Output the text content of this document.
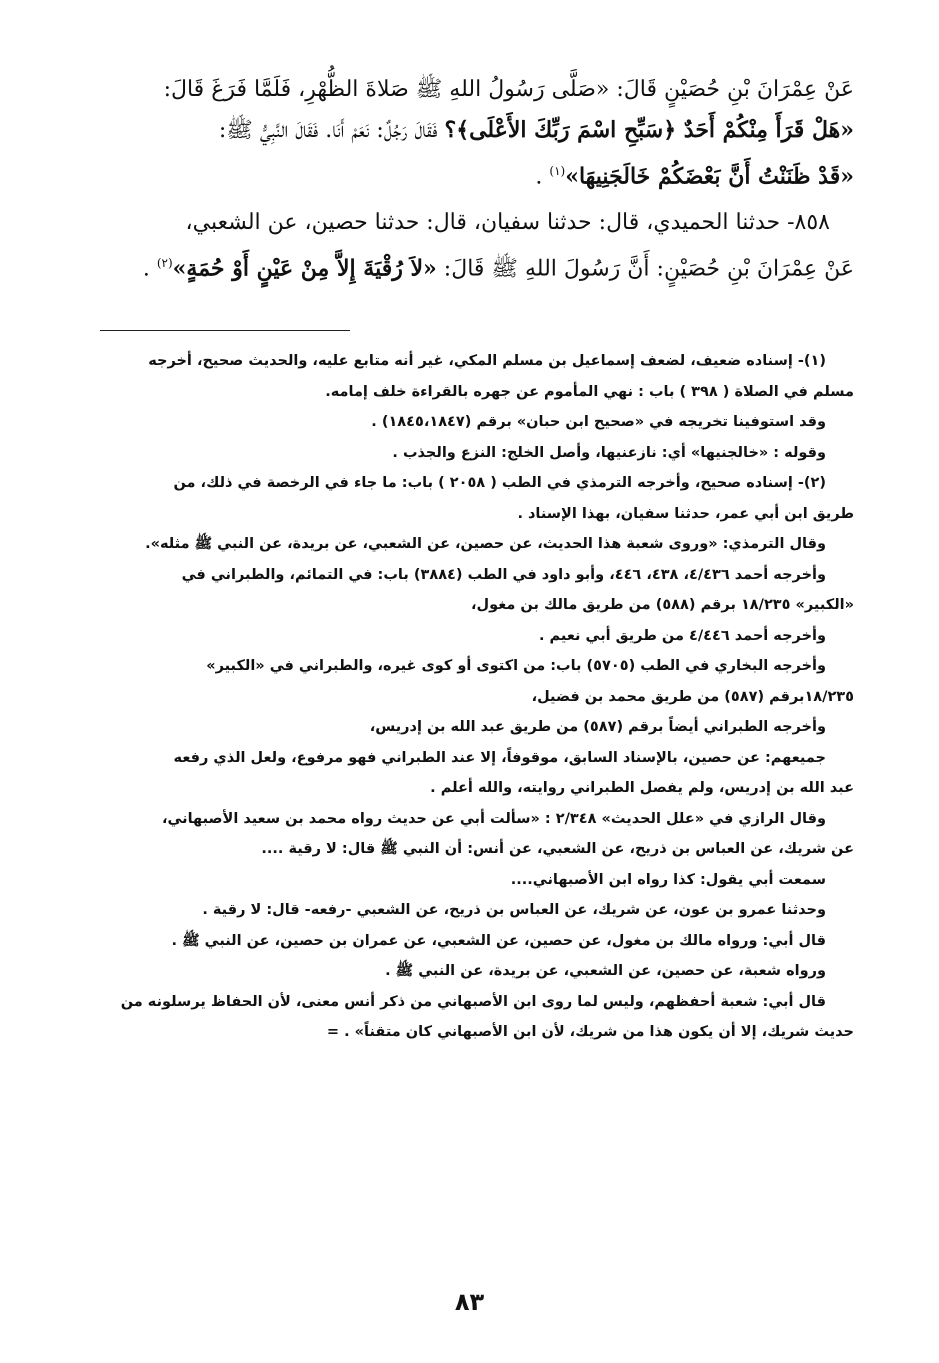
عَنْ عِمْرَانَ بْنِ حُصَيْنٍ قَالَ: «صَلَّى رَسُولُ اللهِ ﷺ صَلاةَ الظُّهْرِ، فَلَمَّا فَرَغَ قَالَ:

«هَلْ قَرَأَ مِنْكُمْ أَحَدٌ ﴿سَبِّحِ اسْمَ رَبِّكَ الأَعْلَى﴾؟ فَقَالَ رَجُلٌ: نَعَمْ أَنَا. فَقَالَ النَّبِيُّ ﷺ:

«قَدْ ظَنَنْتُ أَنَّ بَعْضَكُمْ خَالَجَنِيهَا»$^{(١)}$ .

٨٥٨- حدثنا الحميدي، قال: حدثنا سفيان، قال: حدثنا حصين، عن الشعبي،

عَنْ عِمْرَانَ بْنِ حُصَيْنٍ: أَنَّ رَسُولَ اللهِ ﷺ قَالَ: «لاَ رُقْيَةَ إِلاَّ مِنْ عَيْنٍ أَوْ حُمَةٍ»$^{(٢)}$ .

(١)- إسناده ضعيف، لضعف إسماعيل بن مسلم المكي، غير أنه متابع عليه، والحديث صحيح، أخرجه

مسلم في الصلاة ( ٣٩٨ ) باب : نهي المأموم عن جهره بالقراءة خلف إمامه.

وقد استوفينا تخريجه في «صحيح ابن حبان» برقم (١٨٤٥،١٨٤٧) .

وقوله : «خالجنيها» أي: نازعنيها، وأصل الخلج: النزع والجذب .

(٢)- إسناده صحيح، وأخرجه الترمذي في الطب ( ٢٠٥٨ ) باب: ما جاء في الرخصة في ذلك، من

طريق ابن أبي عمر، حدثنا سفيان، بهذا الإسناد .

وقال الترمذي: «وروى شعبة هذا الحديث، عن حصين، عن الشعبي، عن بريدة، عن النبي ﷺ مثله».

وأخرجه أحمد ٤/٤٣٦، ٤٣٨، ٤٤٦، وأبو داود في الطب (٣٨٨٤) باب: في التمائم، والطبراني في

«الكبير» ١٨/٢٣٥ برقم (٥٨٨) من طريق مالك بن مغول،

وأخرجه أحمد ٤/٤٤٦ من طريق أبي نعيم .

وأخرجه البخاري في الطب (٥٧٠٥) باب: من اكتوى أو كوى غيره، والطبراني في «الكبير»

١٨/٢٣٥برقم (٥٨٧) من طريق محمد بن فضيل،

وأخرجه الطبراني أيضاً برقم (٥٨٧) من طريق عبد الله بن إدريس،

جميعهم: عن حصين، بالإسناد السابق، موقوفاً، إلا عند الطبراني فهو مرفوع، ولعل الذي رفعه

عبد الله بن إدريس، ولم يفصل الطبراني روايته، والله أعلم .

وقال الرازي في «علل الحديث» ٢/٣٤٨ : «سألت أبي عن حديث رواه محمد بن سعيد الأصبهاني،

عن شريك، عن العباس بن ذريح، عن الشعبي، عن أنس: أن النبي ﷺ قال: لا رقية ....

سمعت أبي يقول: كذا رواه ابن الأصبهاني....

وحدثنا عمرو بن عون، عن شريك، عن العباس بن ذريح، عن الشعبي -رفعه- قال: لا رقية .

قال أبي: ورواه مالك بن مغول، عن حصين، عن الشعبي، عن عمران بن حصين، عن النبي ﷺ .

ورواه شعبة، عن حصين، عن الشعبي، عن بريدة، عن النبي ﷺ .

قال أبي: شعبة أحفظهم، وليس لما روى ابن الأصبهاني من ذكر أنس معنى، لأن الحفاظ يرسلونه من

حديث شريك، إلا أن يكون هذا من شريك، لأن ابن الأصبهاني كان متقناً» . =

٨٣
